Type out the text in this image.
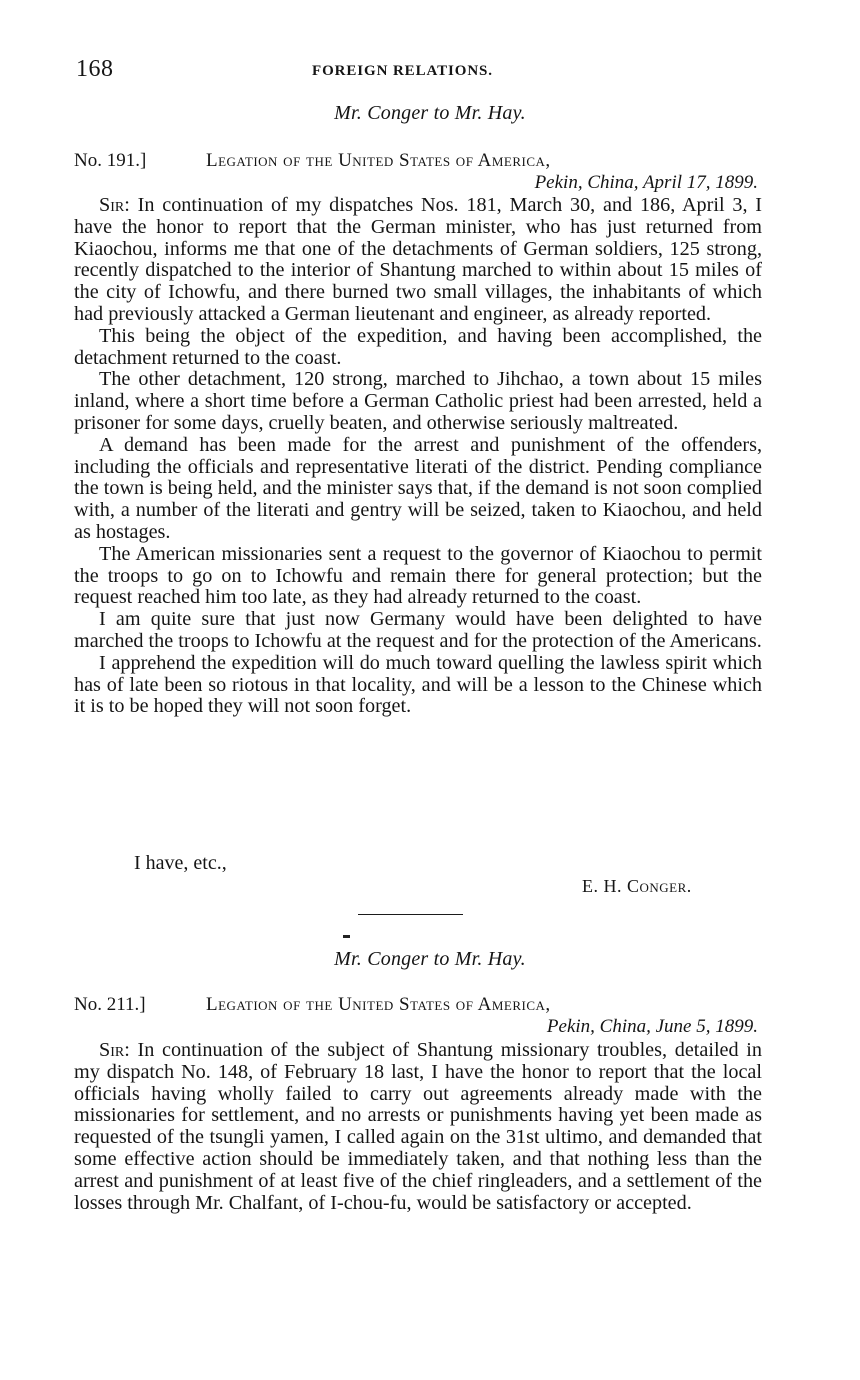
168	FOREIGN RELATIONS.
Mr. Conger to Mr. Hay.
No. 191.]	Legation of the United States of America,
Pekin, China, April 17, 1899.

Sir: In continuation of my dispatches Nos. 181, March 30, and 186, April 3, I have the honor to report that the German minister, who has just returned from Kiaochou, informs me that one of the detachments of German soldiers, 125 strong, recently dispatched to the interior of Shantung marched to within about 15 miles of the city of Ichowfu, and there burned two small villages, the inhabitants of which had previously attacked a German lieutenant and engineer, as already reported.

This being the object of the expedition, and having been accomplished, the detachment returned to the coast.

The other detachment, 120 strong, marched to Jihchao, a town about 15 miles inland, where a short time before a German Catholic priest had been arrested, held a prisoner for some days, cruelly beaten, and otherwise seriously maltreated.

A demand has been made for the arrest and punishment of the offenders, including the officials and representative literati of the district. Pending compliance the town is being held, and the minister says that, if the demand is not soon complied with, a number of the literati and gentry will be seized, taken to Kiaochou, and held as hostages.

The American missionaries sent a request to the governor of Kiaochou to permit the troops to go on to Ichowfu and remain there for general protection; but the request reached him too late, as they had already returned to the coast.

I am quite sure that just now Germany would have been delighted to have marched the troops to Ichowfu at the request and for the protection of the Americans.

I apprehend the expedition will do much toward quelling the lawless spirit which has of late been so riotous in that locality, and will be a lesson to the Chinese which it is to be hoped they will not soon forget.

I have, etc.,
E. H. Conger.
Mr. Conger to Mr. Hay.
No. 211.]	Legation of the United States of America,
Pekin, China, June 5, 1899.

Sir: In continuation of the subject of Shantung missionary troubles, detailed in my dispatch No. 148, of February 18 last, I have the honor to report that the local officials having wholly failed to carry out agreements already made with the missionaries for settlement, and no arrests or punishments having yet been made as requested of the tsungli yamen, I called again on the 31st ultimo, and demanded that some effective action should be immediately taken, and that nothing less than the arrest and punishment of at least five of the chief ringleaders, and a settlement of the losses through Mr. Chalfant, of I-chou-fu, would be satisfactory or accepted.
